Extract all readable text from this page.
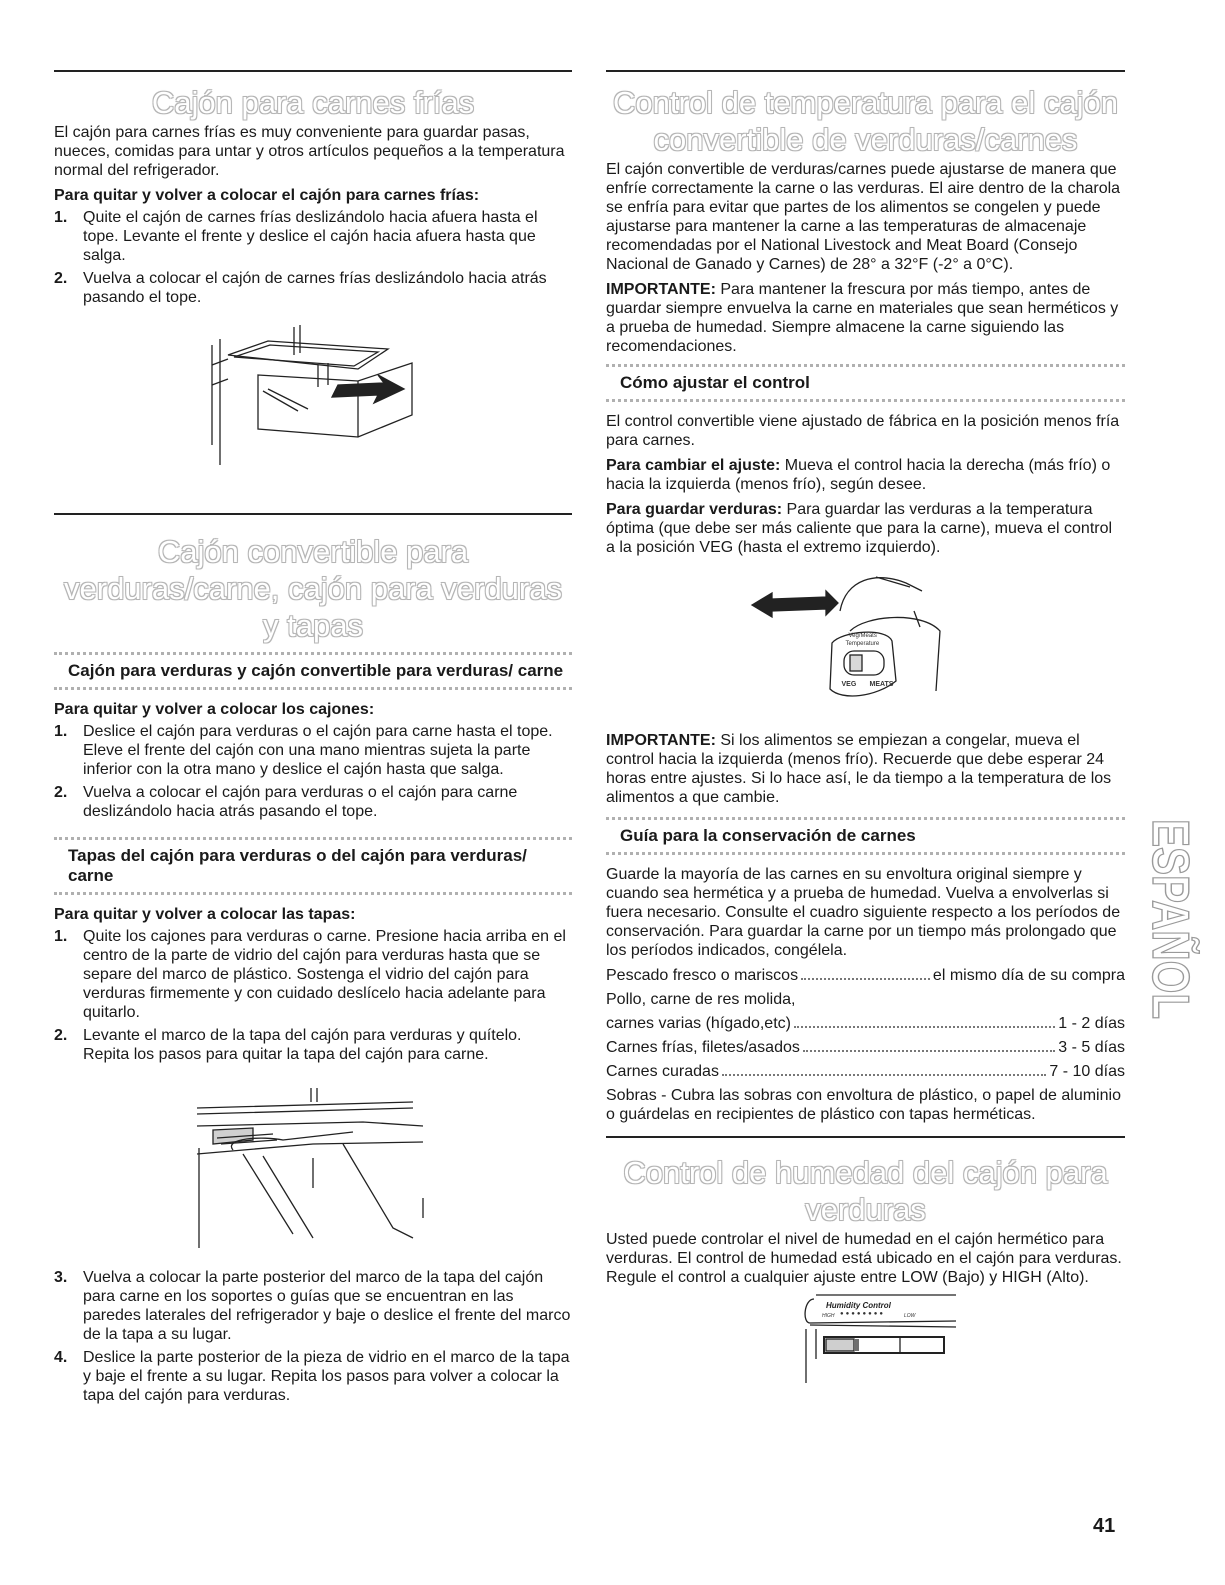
Cajón para carnes frías

El cajón para carnes frías es muy conveniente para guardar pasas, nueces, comidas para untar y otros artículos pequeños a la temperatura normal del refrigerador.

Para quitar y volver a colocar el cajón para carnes frías:
1. Quite el cajón de carnes frías deslizándolo hacia afuera hasta el tope. Levante el frente y deslice el cajón hacia afuera hasta que salga.
2. Vuelva a colocar el cajón de carnes frías deslizándolo hacia atrás pasando el tope.
Cajón convertible para verduras/carne, cajón para verduras y tapas
Cajón para verduras y cajón convertible para verduras/ carne
Para quitar y volver a colocar los cajones:
1. Deslice el cajón para verduras o el cajón para carne hasta el tope. Eleve el frente del cajón con una mano mientras sujeta la parte inferior con la otra mano y deslice el cajón hasta que salga.
2. Vuelva a colocar el cajón para verduras o el cajón para carne deslizándolo hacia atrás pasando el tope.
Tapas del cajón para verduras o del cajón para verduras/ carne
Para quitar y volver a colocar las tapas:
1. Quite los cajones para verduras o carne. Presione hacia arriba en el centro de la parte de vidrio del cajón para verduras hasta que se separe del marco de plástico. Sostenga el vidrio del cajón para verduras firmemente y con cuidado deslícelo hacia adelante para quitarlo.
2. Levante el marco de la tapa del cajón para verduras y quítelo. Repita los pasos para quitar la tapa del cajón para carne.
3. Vuelva a colocar la parte posterior del marco de la tapa del cajón para carne en los soportes o guías que se encuentran en las paredes laterales del refrigerador y baje o deslice el frente del marco de la tapa a su lugar.
4. Deslice la parte posterior de la pieza de vidrio en el marco de la tapa y baje el frente a su lugar. Repita los pasos para volver a colocar la tapa del cajón para verduras.
Control de temperatura para el cajón convertible de verduras/carnes

El cajón convertible de verduras/carnes puede ajustarse de manera que enfríe correctamente la carne o las verduras. El aire dentro de la charola se enfría para evitar que partes de los alimentos se congelen y puede ajustarse para mantener la carne a las temperaturas de almacenaje recomendadas por el National Livestock and Meat Board (Consejo Nacional de Ganado y Carnes) de 28° a 32°F (-2° a 0°C).

IMPORTANTE: Para mantener la frescura por más tiempo, antes de guardar siempre envuelva la carne en materiales que sean herméticos y a prueba de humedad. Siempre almacene la carne siguiendo las recomendaciones.

Cómo ajustar el control

El control convertible viene ajustado de fábrica en la posición menos fría para carnes.

Para cambiar el ajuste: Mueva el control hacia la derecha (más frío) o hacia la izquierda (menos frío), según desee.

Para guardar verduras: Para guardar las verduras a la temperatura óptima (que debe ser más caliente que para la carne), mueva el control a la posición VEG (hasta el extremo izquierdo).

Veg/Meats
Temperature
VEG MEATS

IMPORTANTE: Si los alimentos se empiezan a congelar, mueva el control hacia la izquierda (menos frío). Recuerde que debe esperar 24 horas entre ajustes. Si lo hace así, le da tiempo a la temperatura de los alimentos a que cambie.

Guía para la conservación de carnes

Guarde la mayoría de las carnes en su envoltura original siempre y cuando sea hermética y a prueba de humedad. Vuelva a envolverlas si fuera necesario. Consulte el cuadro siguiente respecto a los períodos de conservación. Para guardar la carne por un tiempo más prolongado que los períodos indicados, congélela.

Pescado fresco o mariscos	el mismo día de su compra
Pollo, carne de res molida,
carnes varias (hígado,etc)	1 - 2 días
Carnes frías, filetes/asados	3 - 5 días
Carnes curadas	7 - 10 días

Sobras - Cubra las sobras con envoltura de plástico, o papel de aluminio o guárdelas en recipientes de plástico con tapas herméticas.

Control de humedad del cajón para verduras

Usted puede controlar el nivel de humedad en el cajón hermético para verduras. El control de humedad está ubicado en el cajón para verduras. Regule el control a cualquier ajuste entre LOW (Bajo) y HIGH (Alto).

Humidity Control
HIGH ●●●●●●●●	LOW
ESPAÑOL
41
